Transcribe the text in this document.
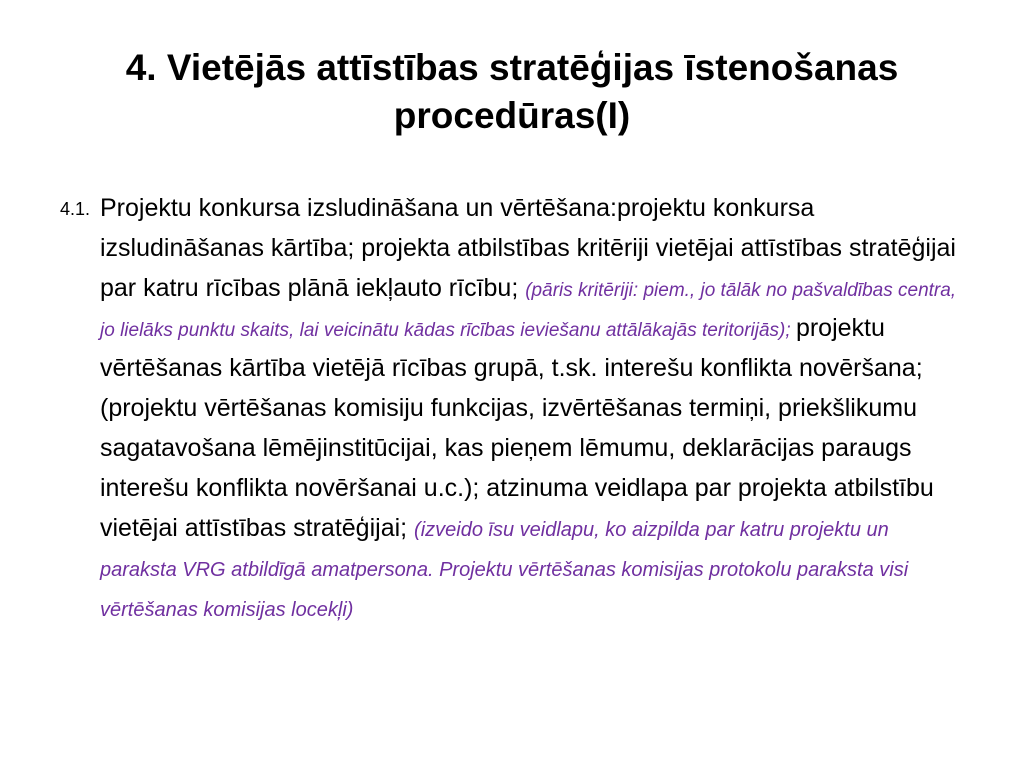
4. Vietējās attīstības stratēģijas īstenošanas procedūras(I)
4.1. Projektu konkursa izsludināšana un vērtēšana:projektu konkursa izsludināšanas kārtība; projekta atbilstības kritēriji vietējai attīstības stratēģijai par katru rīcības plānā iekļauto rīcību; (pāris kritēriji: piem., jo tālāk no pašvaldības centra, jo lielāks punktu skaits, lai veicinātu kādas rīcības ieviešanu attālākajās teritorijās); projektu vērtēšanas kārtība vietējā rīcības grupā, t.sk. interešu konflikta novēršana; (projektu vērtēšanas komisiju funkcijas, izvērtēšanas termiņi, priekšlikumu sagatavošana lēmējinstitūcijai, kas pieņem lēmumu, deklarācijas paraugs interešu konflikta novēršanai u.c.); atzinuma veidlapa par projekta atbilstību vietējai attīstības stratēģijai; (izveido īsu veidlapu, ko aizpilda par katru projektu un paraksta VRG atbildīgā amatpersona. Projektu vērtēšanas komisijas protokolu paraksta visi vērtēšanas komisijas locekļi)
